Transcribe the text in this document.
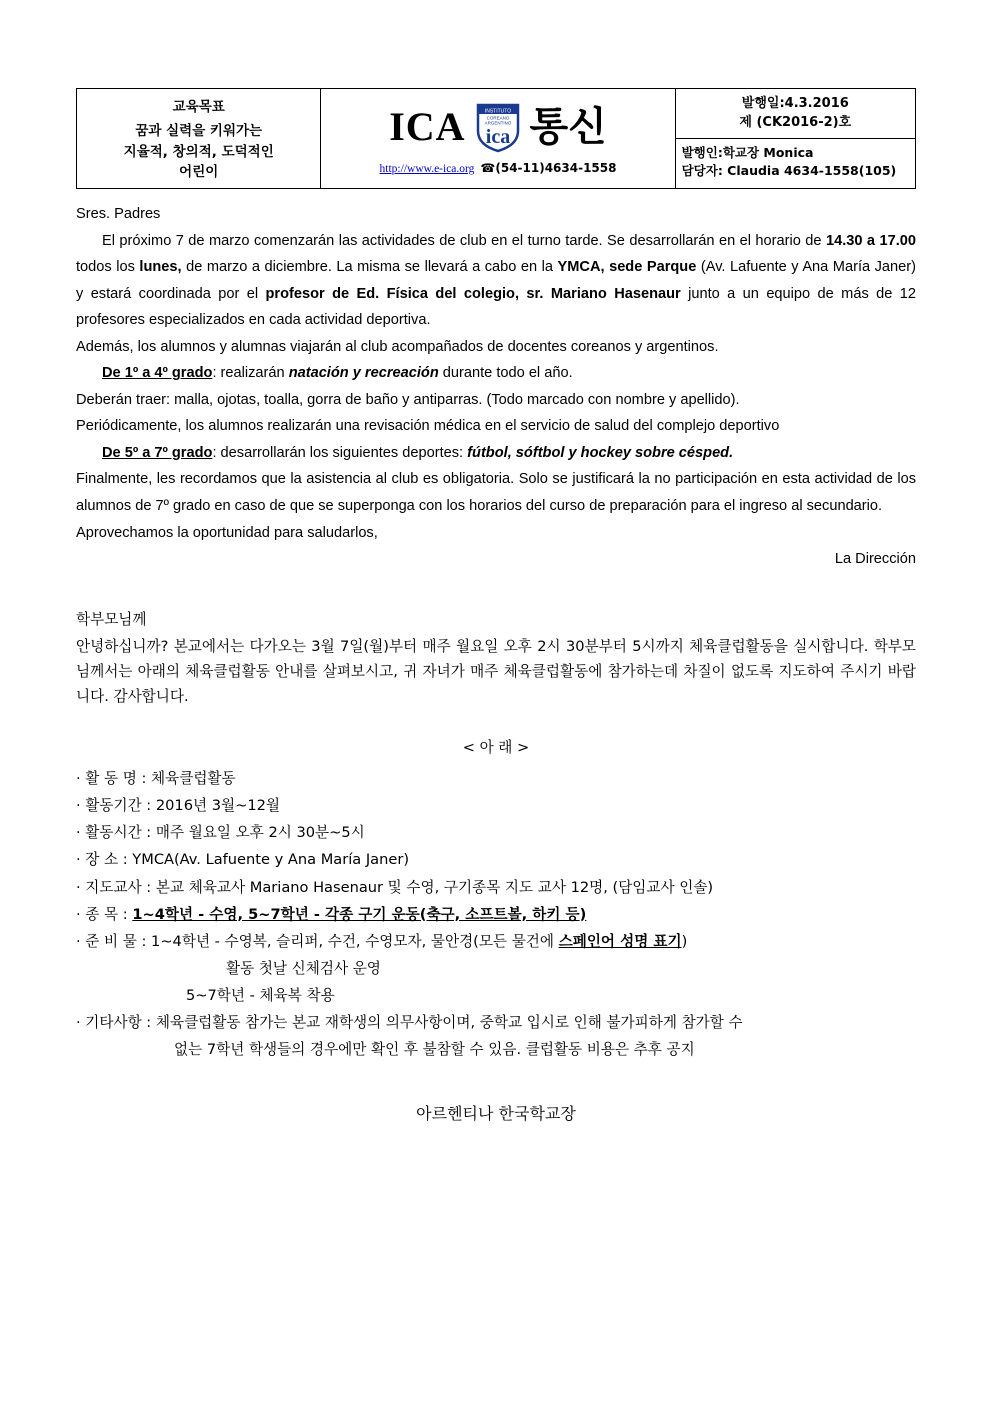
교육목표
꿈과 실력을 키워가는
지율적, 창의적, 도덕적인
어린이
ICA	INSTITUTO
COREANO
ARGENTINO
ica 통신
http://www.e-ica.org ☎(54-11)4634-1558
발행일:4.3.2016
제 (CK2016-2)호
발행인:학교장 Monica
담당자: Claudia 4634-1558(105)

Sres. Padres

El próximo 7 de marzo comenzarán las actividades de club en el turno tarde. Se desarrollarán en el horario de 14.30 a 17.00 todos los lunes, de marzo a diciembre. La misma se llevará a cabo en la YMCA, sede Parque (Av. Lafuente y Ana María Janer) y estará coordinada por el profesor de Ed. Física del colegio, sr. Mariano Hasenaur junto a un equipo de más de 12 profesores especializados en cada actividad deportiva.

Además, los alumnos y alumnas viajarán al club acompañados de docentes coreanos y argentinos.

De 1º a 4º grado: realizarán natación y recreación durante todo el año.

Deberán traer: malla, ojotas, toalla, gorra de baño y antiparras. (Todo marcado con nombre y apellido).

Periódicamente, los alumnos realizarán una revisación médica en el servicio de salud del complejo deportivo

De 5º a 7º grado: desarrollarán los siguientes deportes: fútbol, sóftbol y hockey sobre césped.

Finalmente, les recordamos que la asistencia al club es obligatoria. Solo se justificará la no participación en esta actividad de los alumnos de 7º grado en caso de que se superponga con los horarios del curso de preparación para el ingreso al secundario.

Aprovechamos la oportunidad para saludarlos,

La Dirección

학부모님께
안녕하십니까? 본교에서는 다가오는 3월 7일(월)부터 매주 월요일 오후 2시 30분부터 5시까지 체육클럽활동을 실시합니다. 학부모님께서는 아래의 체육클럽활동 안내를 살펴보시고, 귀 자녀가 매주 체육클럽활동에 참가하는데 차질이 없도록 지도하여 주시기 바랍니다. 감사합니다.
< 아 래 >
· 활 동 명 : 체육클럽활동
· 활동기간 : 2016년 3월~12월
· 활동시간 : 매주 월요일 오후 2시 30분~5시
· 장 소 : YMCA(Av. Lafuente y Ana María Janer)
· 지도교사 : 본교 체육교사 Mariano Hasenaur 및 수영, 구기종목 지도 교사 12명, (담임교사 인솔)
· 종 목 : 1~4학년 - 수영, 5~7학년 - 각종 구기 운동(축구, 소프트볼, 하키 등)
· 준 비 물 : 1~4학년 - 수영복, 슬리퍼, 수건, 수영모자, 물안경(모든 물건에 스페인어 성명 표기)
활동 첫날 신체검사 운영
5~7학년 - 체육복 착용
· 기타사항 : 체육클럽활동 참가는 본교 재학생의 의무사항이며, 중학교 입시로 인해 불가피하게 참가할 수
없는 7학년 학생들의 경우에만 확인 후 불참할 수 있음. 클럽활동 비용은 추후 공지
아르헨티나 한국학교장
